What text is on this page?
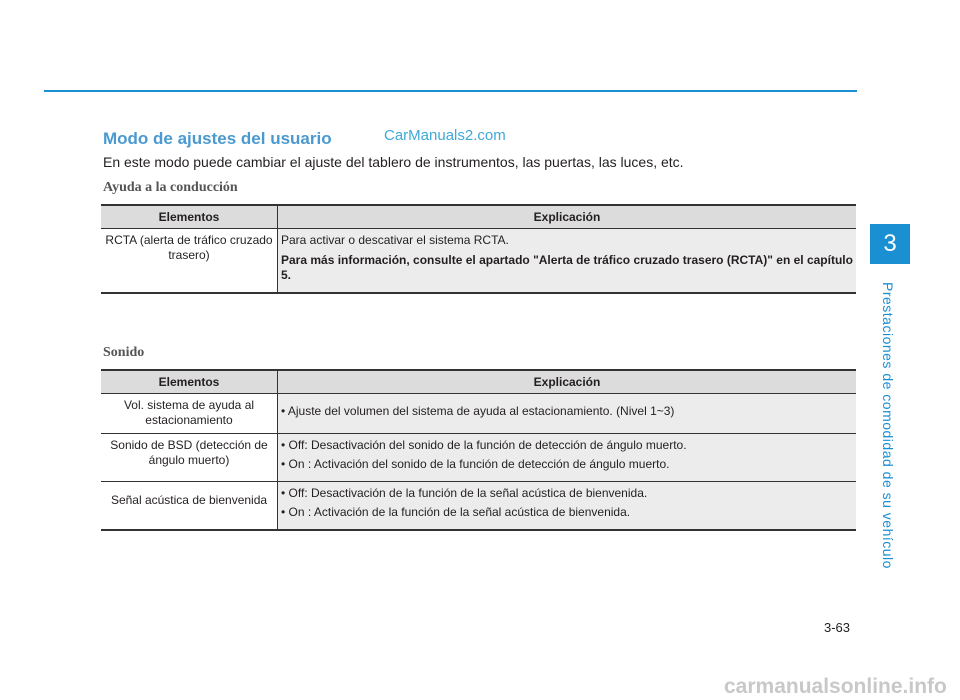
Modo de ajustes del usuario	CarManuals2.com
En este modo puede cambiar el ajuste del tablero de instrumentos, las puertas, las luces, etc.
Ayuda a la conducción
Elementos	Explicación
RCTA (alerta de tráfico cruzado trasero)	Para activar o descativar el sistema RCTA.

Para más información, consulte el apartado "Alerta de tráfico cruzado trasero (RCTA)" en el capítulo 5.

Sonido
Elementos	Explicación
Vol. sistema de ayuda al estacionamiento	• Ajuste del volumen del sistema de ayuda al estacionamiento. (Nivel 1~3)

Sonido de BSD (detección de ángulo muerto)	• Off: Desactivación del sonido de la función de detección de ángulo muerto.

• On : Activación del sonido de la función de detección de ángulo muerto.

Señal acústica de bienvenida	• Off: Desactivación de la función de la señal acústica de bienvenida.

• On : Activación de la función de la señal acústica de bienvenida.

3
Prestaciones de comodidad de su vehículo
3-63
carmanualsonline.info
